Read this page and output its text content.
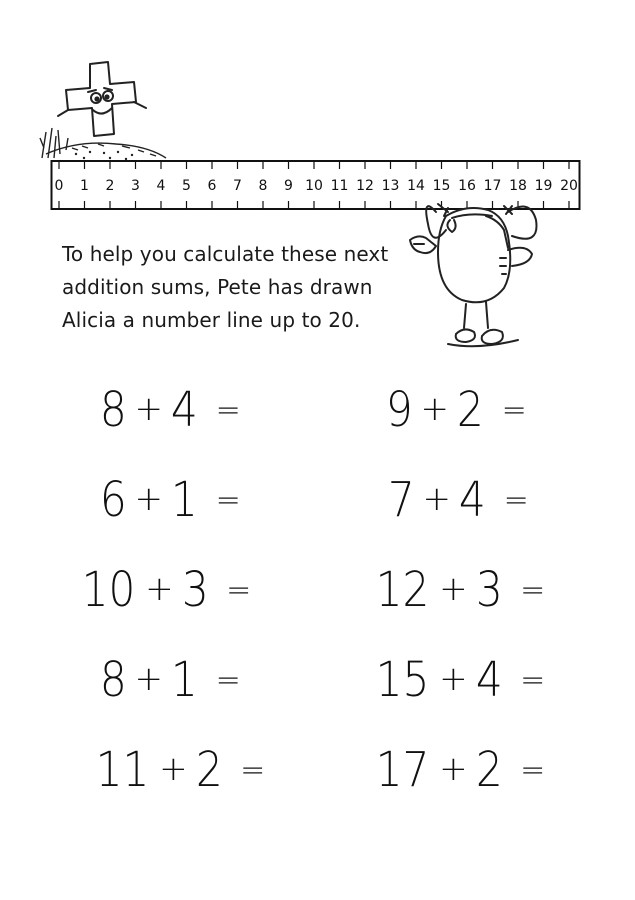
0 1 2 3 4 5 6 7 8 9 10 11 12 13 14 15 16 17 18 19 20
To help you calculate these next
addition sums, Pete has drawn
Alicia a number line up to 20.
8 + 4 =
6 + 1 =
10 + 3 =
8 + 1 =
11 + 2 =
9 + 2 =
7 + 4 =
12 + 3 =
15 + 4 =
17 + 2 =
